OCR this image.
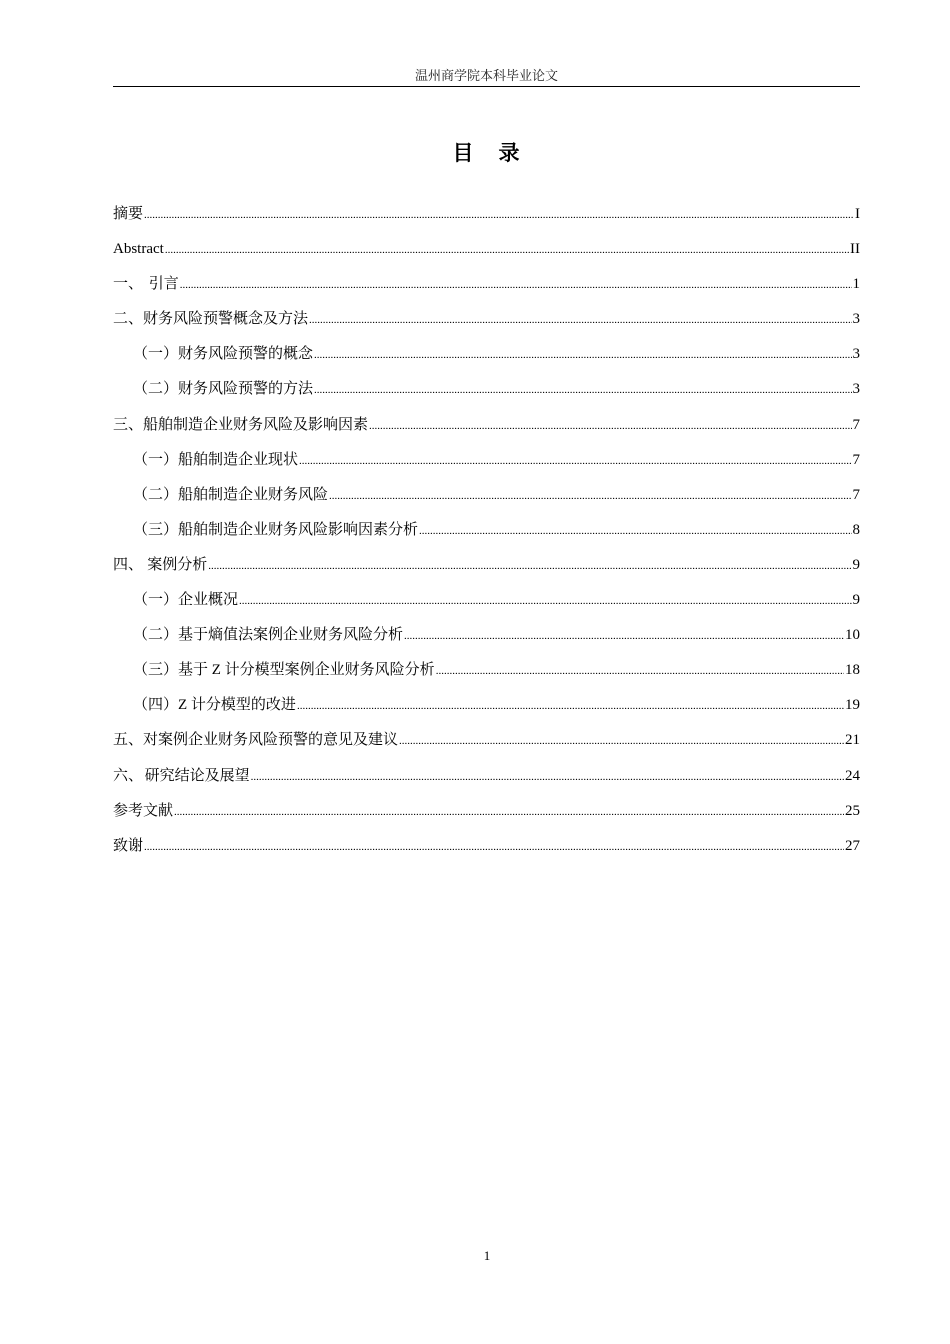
温州商学院本科毕业论文
目　录
摘要 .....	I
Abstract .....	II
一、 引言 .....	1
二、 财务风险预警概念及方法 .....	3
（一） 财务风险预警的概念 .....	3
（二） 财务风险预警的方法 .....	3
三、 船舶制造企业财务风险及影响因素 .....	7
（一） 船舶制造企业现状 .....	7
（二） 船舶制造企业财务风险 .....	7
（三） 船舶制造企业财务风险影响因素分析 .....	8
四、 案例分析 .....	9
（一） 企业概况 .....	9
（二） 基于熵值法案例企业财务风险分析 .....	10
（三） 基于 Z 计分模型案例企业财务风险分析 .....	18
（四） Z 计分模型的改进 .....	19
五、 对案例企业财务风险预警的意见及建议 .....	21
六、 研究结论及展望 .....	24
参考文献 .....	25
致谢 .....	27
1
